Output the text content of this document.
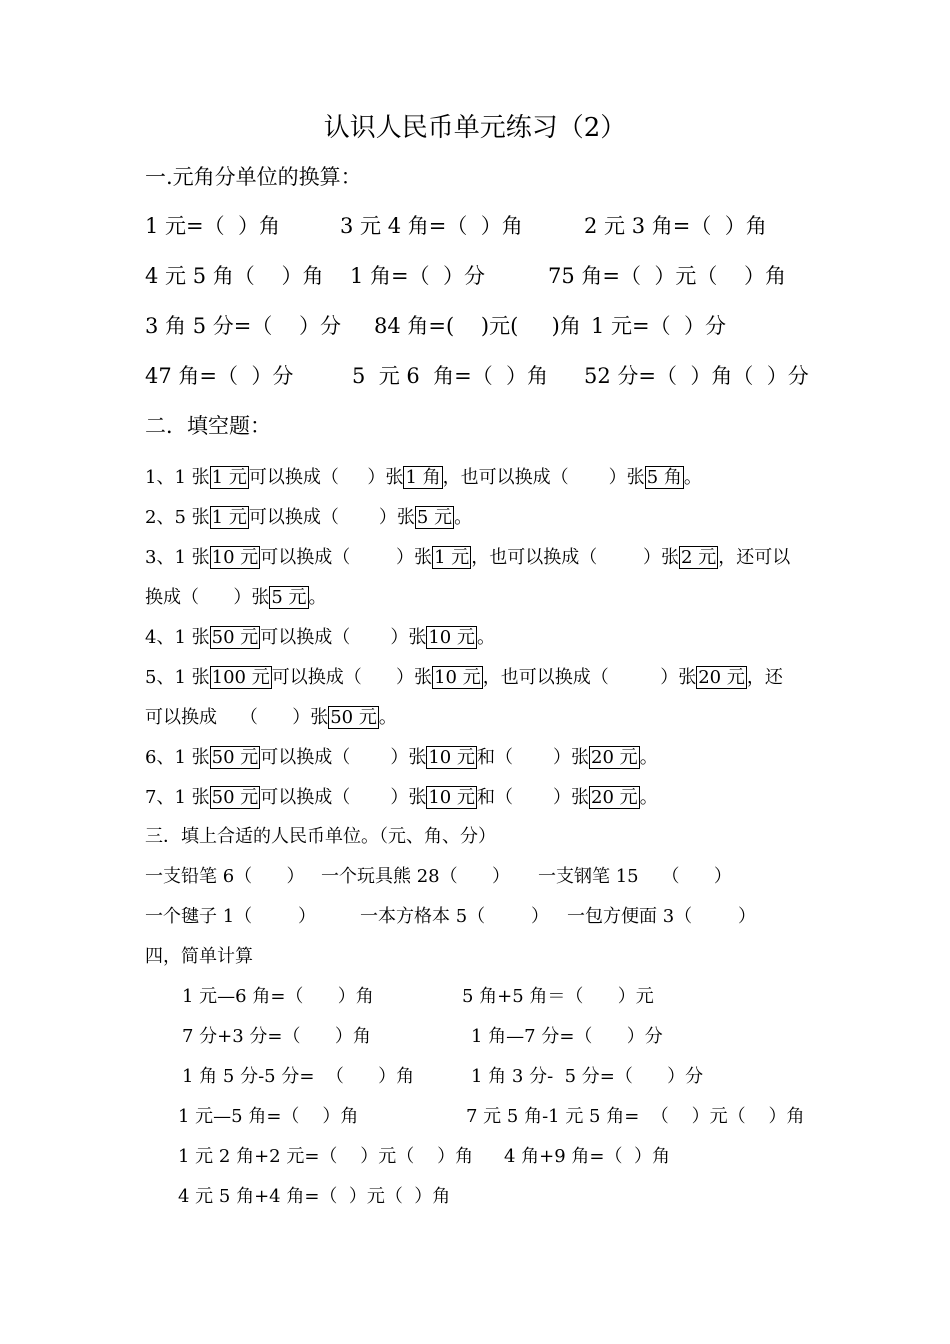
认识人民币单元练习（2）
一.元角分单位的换算：
1 元=（  ）角	3 元 4 角=（  ）角	2 元 3 角=（  ）角
4 元 5 角（    ）角 1 角=（  ）分	75 角=（  ）元（    ）角
3 角 5 分=（    ）分 84 角=(    )元(     )角 1 元=（  ）分
47 角=（  ）分	5  元 6  角=（  ）角 52 分=（  ）角（  ）分
二．填空题：
1、1 张 1 元 可以换成（     ）张 1 角 ，也可以换成（       ）张 5 角 。
2、5 张 1 元 可以换成（       ）张 5 元 。
3、1 张 10 元 可以换成（        ）张 1 元 ，也可以换成（        ）张 2 元 ，还可以
换成（      ）张 5 元 。
4、1 张 50 元 可以换成（       ）张 10 元 。
5、1 张 100 元 可以换成（      ）张 10 元 ，也可以换成（         ）张 20 元 ，还
可以换成    （      ）张 50 元 。
6、1 张 50 元 可以换成（       ）张 10 元 和（       ）张 20 元 。
7、1 张 50 元 可以换成（       ）张 10 元 和（       ）张 20 元 。
三．填上合适的人民币单位。（元、角、分）
一支铅笔 6（      ） 一个玩具熊 28（      ） 一支钢笔 15    （      ）
一个毽子 1（        ） 一本方格本 5（        ） 一包方便面 3（        ）
四，简单计算
1 元—6 角=（      ）角	5 角+5 角＝（      ）元
7 分+3 分=（      ）角	1 角—7 分=（      ）分
1 角 5 分-5 分=  （      ）角	1 角 3 分-  5 分=（      ）分
1 元—5 角=（    ）角	7 元 5 角-1 元 5 角=  （    ）元（    ）角
1 元 2 角+2 元=（    ）元（    ）角 4 角+9 角=（  ）角
4 元 5 角+4 角=（  ）元（  ）角
